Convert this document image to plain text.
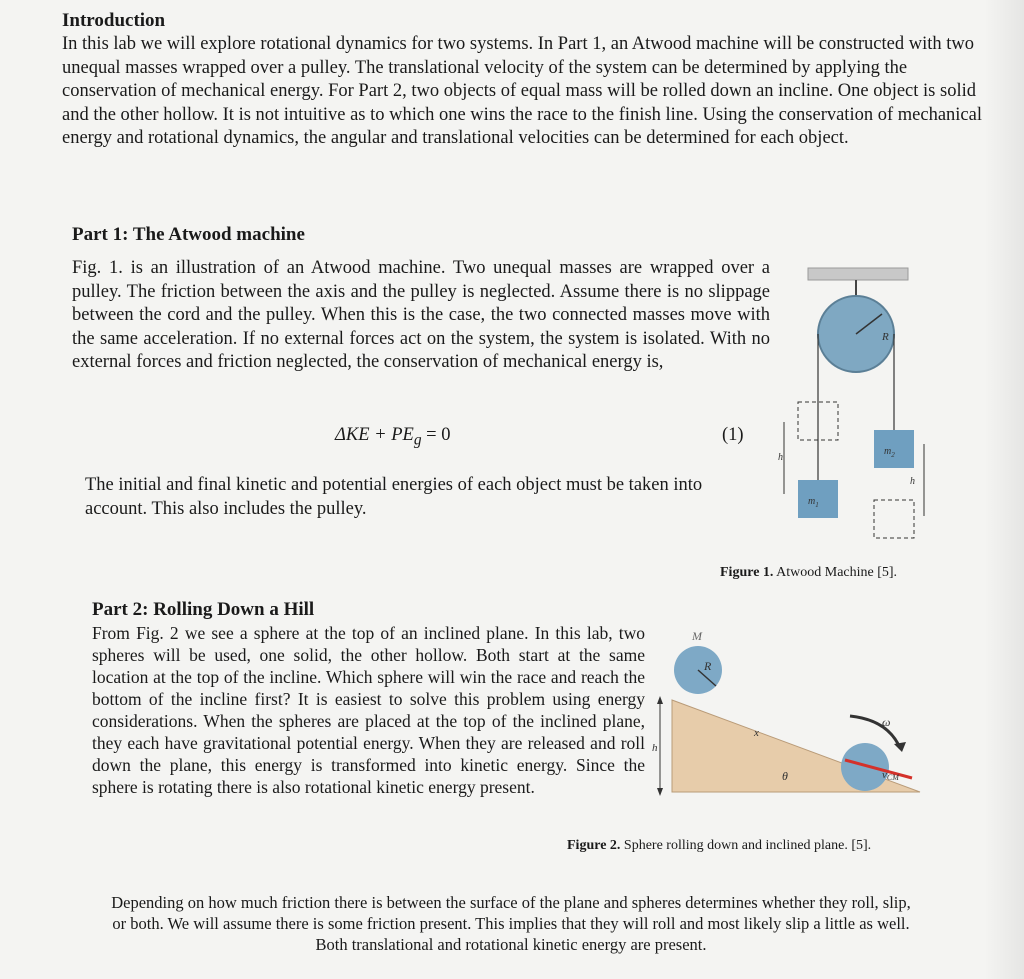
Introduction
In this lab we will explore rotational dynamics for two systems. In Part 1, an Atwood machine will be constructed with two unequal masses wrapped over a pulley. The translational velocity of the system can be determined by applying the conservation of mechanical energy. For Part 2, two objects of equal mass will be rolled down an incline. One object is solid and the other hollow. It is not intuitive as to which one wins the race to the finish line. Using the conservation of mechanical energy and rotational dynamics, the angular and translational velocities can be determined for each object.
Part 1: The Atwood machine
Fig. 1. is an illustration of an Atwood machine. Two unequal masses are wrapped over a pulley. The friction between the axis and the pulley is neglected. Assume there is no slippage between the cord and the pulley. When this is the case, the two connected masses move with the same acceleration. If no external forces act on the system, the system is isolated. With no external forces and friction neglected, the conservation of mechanical energy is,
$\Delta KE + PE_g = 0$	(1)
The initial and final kinetic and potential energies of each object must be taken into account. This also includes the pulley.
R
$m_1$
$m_2$
h
h
Figure 1. Atwood Machine [5].
Part 2: Rolling Down a Hill
From Fig. 2 we see a sphere at the top of an inclined plane. In this lab, two spheres will be used, one solid, the other hollow. Both start at the same location at the top of the incline. Which sphere will win the race and reach the bottom of the incline first? It is easiest to solve this problem using energy considerations. When the spheres are placed at the top of the inclined plane, they each have gravitational potential energy. When they are released and roll down the plane, this energy is transformed into kinetic energy. Since the sphere is rotating there is also rotational kinetic energy present.
M
R
h
x
θ
ω
vCM
Figure 2. Sphere rolling down and inclined plane. [5].
Depending on how much friction there is between the surface of the plane and spheres determines whether they roll, slip, or both. We will assume there is some friction present. This implies that they will roll and most likely slip a little as well. Both translational and rotational kinetic energy are present.
